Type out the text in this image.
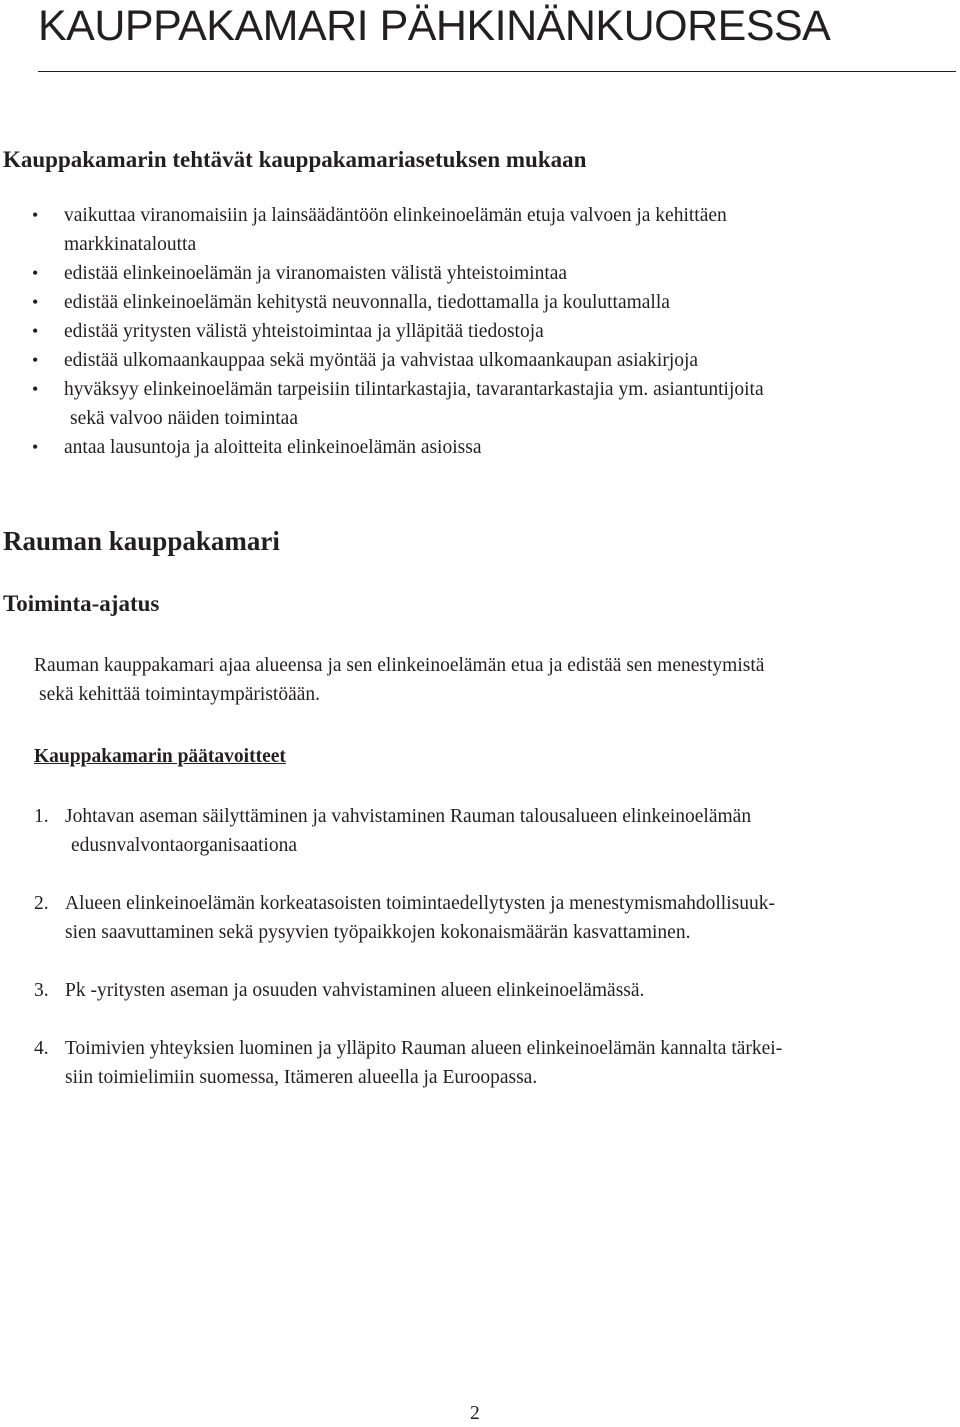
KAUPPAKAMARI PÄHKINÄNKUORESSA
Kauppakamarin tehtävät kauppakamariasetuksen mukaan
• vaikuttaa viranomaisiin ja lainsäädäntöön elinkeinoelämän etuja valvoen ja kehittäen
markkinataloutta
• edistää elinkeinoelämän ja viranomaisten välistä yhteistoimintaa
• edistää elinkeinoelämän kehitystä neuvonnalla, tiedottamalla ja kouluttamalla
• edistää yritysten välistä yhteistoimintaa ja ylläpitää tiedostoja
• edistää ulkomaankauppaa sekä myöntää ja vahvistaa ulkomaankaupan asiakirjoja
• hyväksyy elinkeinoelämän tarpeisiin tilintarkastajia, tavarantarkastajia ym. asiantuntijoita
sekä valvoo näiden toimintaa
• antaa lausuntoja ja aloitteita elinkeinoelämän asioissa
Rauman kauppakamari
Toiminta-ajatus

Rauman kauppakamari ajaa alueensa ja sen elinkeinoelämän etua ja edistää sen menestymistä
sekä kehittää toimintaympäristöään.

Kauppakamarin päätavoitteet
1. Johtavan aseman säilyttäminen ja vahvistaminen Rauman talousalueen elinkeinoelämän
edusnvalvontaorganisaationa
2. Alueen elinkeinoelämän korkeatasoisten toimintaedellytysten ja menestymismahdollisuuk-
sien saavuttaminen sekä pysyvien työpaikkojen kokonaismäärän kasvattaminen.
3. Pk -yritysten aseman ja osuuden vahvistaminen alueen elinkeinoelämässä.
4. Toimivien yhteyksien luominen ja ylläpito Rauman alueen elinkeinoelämän kannalta tärkei-
siin toimielimiin suomessa, Itämeren alueella ja Euroopassa.

2
